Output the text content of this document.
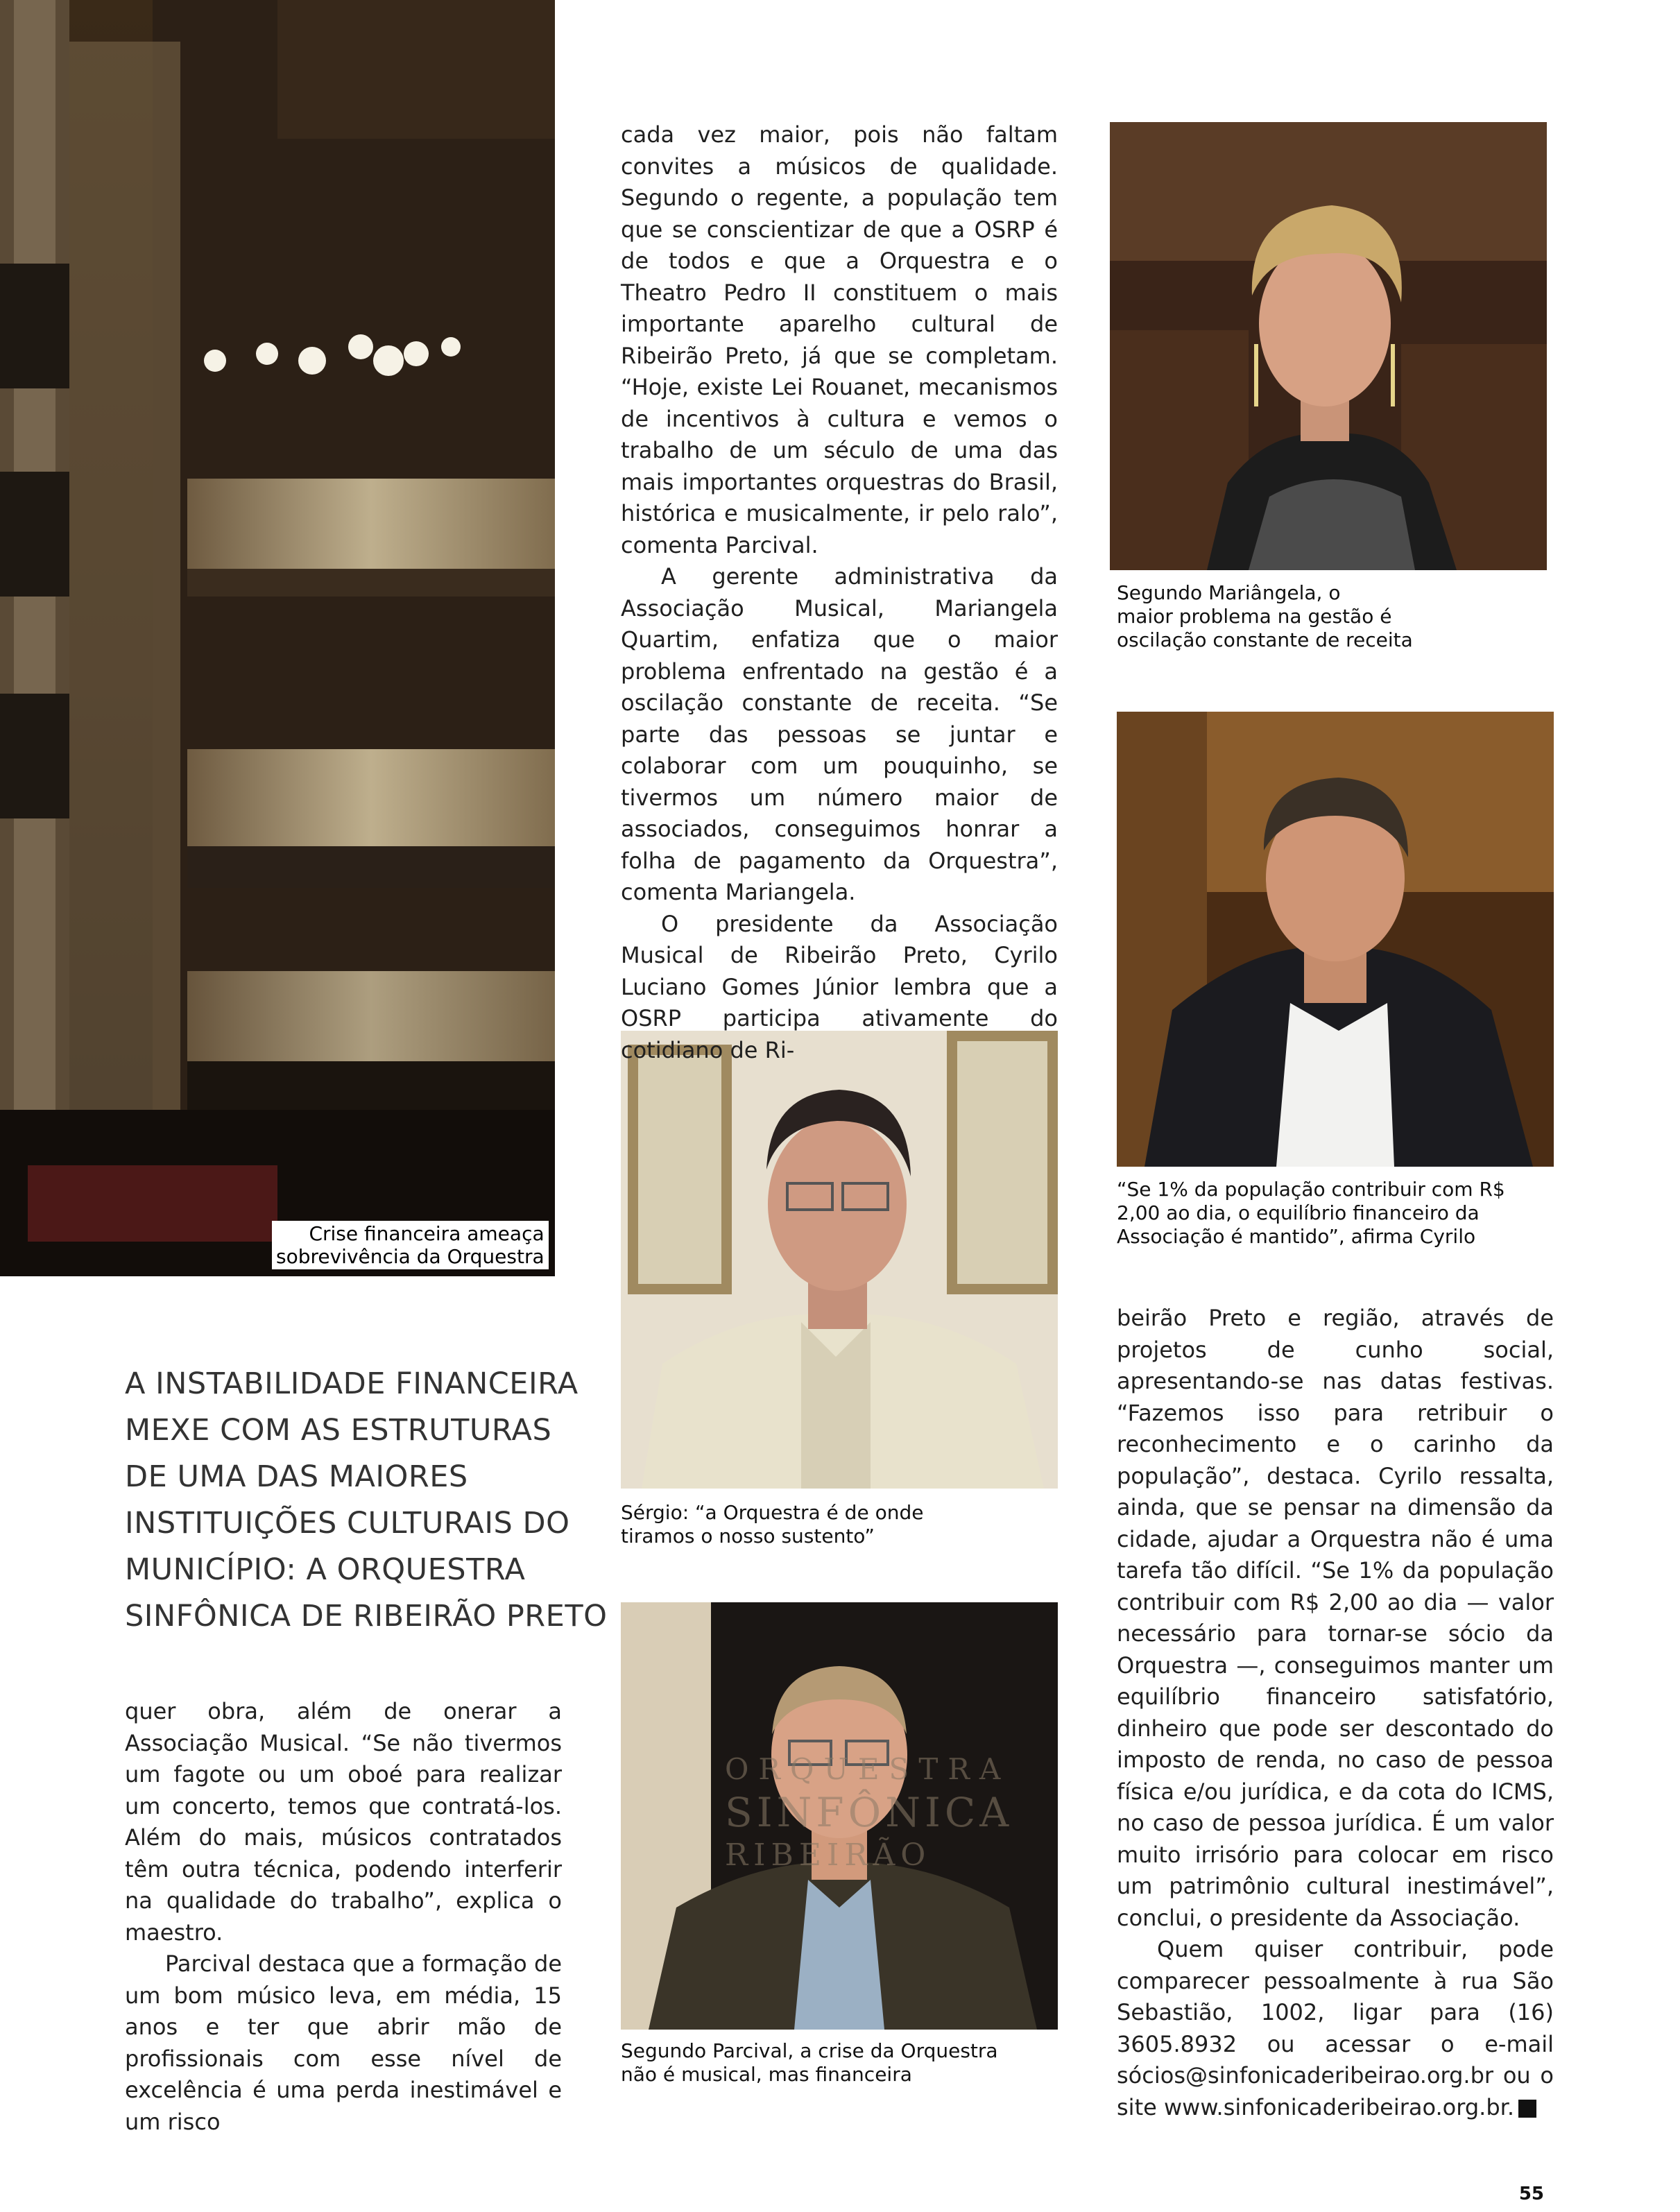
Crise financeira ameaça
sobrevivência da Orquestra
Segundo Mariângela, o
maior problema na gestão é
oscilação constante de receita
“Se 1% da população contribuir com R$
2,00 ao dia, o equilíbrio financeiro da
Associação é mantido”, afirma Cyrilo
Sérgio: “a Orquestra é de onde
tiramos o nosso sustento”
ORQUESTRA
SINFÔNICA
RIBEIRÃO
Segundo Parcival, a crise da Orquestra
não é musical, mas financeira
A INSTABILIDADE FINANCEIRA
MEXE COM AS ESTRUTURAS
DE UMA DAS MAIORES
INSTITUIÇÕES CULTURAIS DO
MUNICÍPIO: A ORQUESTRA
SINFÔNICA DE RIBEIRÃO PRETO

cada vez maior, pois não faltam convites a músicos de qualidade. Segundo o regente, a população tem que se conscientizar de que a OSRP é de todos e que a Orquestra e o Theatro Pedro II constituem o mais importante aparelho cultural de Ribeirão Preto, já que se completam. “Hoje, existe Lei Rouanet, mecanismos de incentivos à cultura e vemos o trabalho de um século de uma das mais importantes orquestras do Brasil, histórica e musicalmente, ir pelo ralo”, comenta Parcival.

A gerente administrativa da Associação Musical, Mariangela Quartim, enfatiza que o maior problema enfrentado na gestão é a oscilação constante de receita. “Se parte das pessoas se juntar e colaborar com um pouquinho, se tivermos um número maior de associados, conseguimos honrar a folha de pagamento da Orquestra”, comenta Mariangela.

O presidente da Associação Musical de Ribeirão Preto, Cyrilo Luciano Gomes Júnior lembra que a OSRP participa ativamente do cotidiano de Ri-

quer obra, além de onerar a Associação Musical. “Se não tivermos um fagote ou um oboé para realizar um concerto, temos que contratá-los. Além do mais, músicos contratados têm outra técnica, podendo interferir na qualidade do trabalho”, explica o maestro.

Parcival destaca que a formação de um bom músico leva, em média, 15 anos e ter que abrir mão de profissionais com esse nível de excelência é uma perda inestimável e um risco

beirão Preto e região, através de projetos de cunho social, apresentando-se nas datas festivas. “Fazemos isso para retribuir o reconhecimento e o carinho da população”, destaca. Cyrilo ressalta, ainda, que se pensar na dimensão da cidade, ajudar a Orquestra não é uma tarefa tão difícil. “Se 1% da população contribuir com R$ 2,00 ao dia — valor necessário para tornar-se sócio da Orquestra —, conseguimos manter um equilíbrio financeiro satisfatório, dinheiro que pode ser descontado do imposto de renda, no caso de pessoa física e/ou jurídica, e da cota do ICMS, no caso de pessoa jurídica. É um valor muito irrisório para colocar em risco um patrimônio cultural inestimável”, conclui, o presidente da Associação.

Quem quiser contribuir, pode comparecer pessoalmente à rua São Sebastião, 1002, ligar para (16) 3605.8932 ou acessar o e-mail sócios@sinfonicaderibeirao.org.br ou o site www.sinfonicaderibeirao.org.br.	r

55
